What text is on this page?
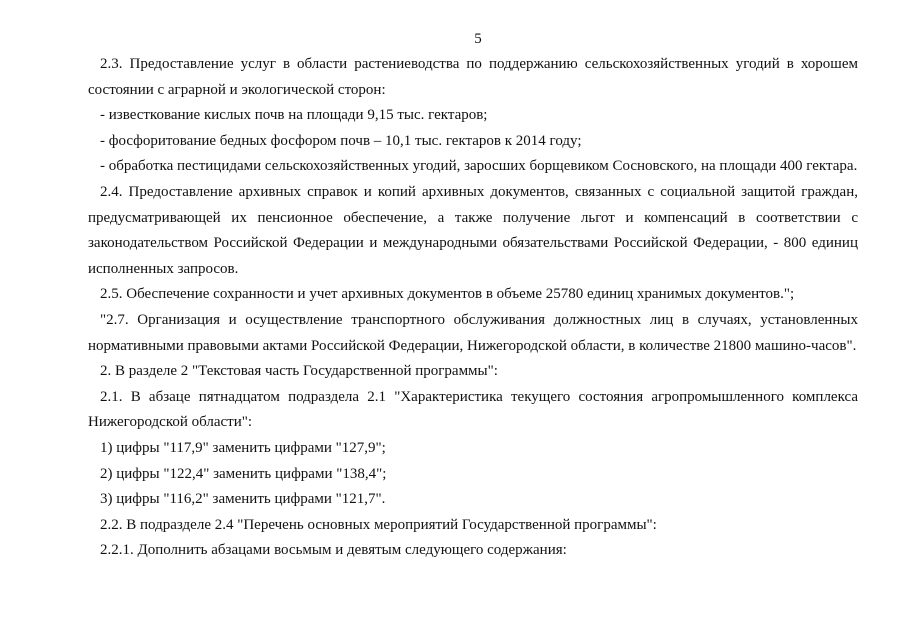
5

2.3. Предоставление услуг в области растениеводства по поддержанию сельскохозяйственных угодий в хорошем состоянии с аграрной и экологической сторон:

- известкование кислых почв на площади 9,15 тыс. гектаров;

- фосфоритование бедных фосфором почв – 10,1 тыс. гектаров к 2014 году;

- обработка пестицидами сельскохозяйственных угодий, заросших борщевиком Сосновского, на площади 400 гектара.

2.4. Предоставление архивных справок и копий архивных документов, связанных с социальной защитой граждан, предусматривающей их пенсионное обеспечение, а также получение льгот и компенсаций в соответствии с законодательством Российской Федерации и международными обязательствами Российской Федерации, - 800 единиц исполненных запросов.

2.5. Обеспечение сохранности и учет архивных документов в объеме 25780 единиц хранимых документов.";

"2.7. Организация и осуществление транспортного обслуживания должностных лиц в случаях, установленных нормативными правовыми актами Российской Федерации, Нижегородской области, в количестве 21800 машино-часов".

2. В разделе 2 "Текстовая часть Государственной программы":

2.1. В абзаце пятнадцатом подраздела 2.1 "Характеристика текущего состояния агропромышленного комплекса Нижегородской области":

1) цифры "117,9" заменить цифрами "127,9";

2) цифры "122,4" заменить цифрами "138,4";

3) цифры "116,2" заменить цифрами "121,7".

2.2. В подразделе 2.4 "Перечень основных мероприятий Государственной программы":

2.2.1. Дополнить абзацами восьмым и девятым следующего содержания:
